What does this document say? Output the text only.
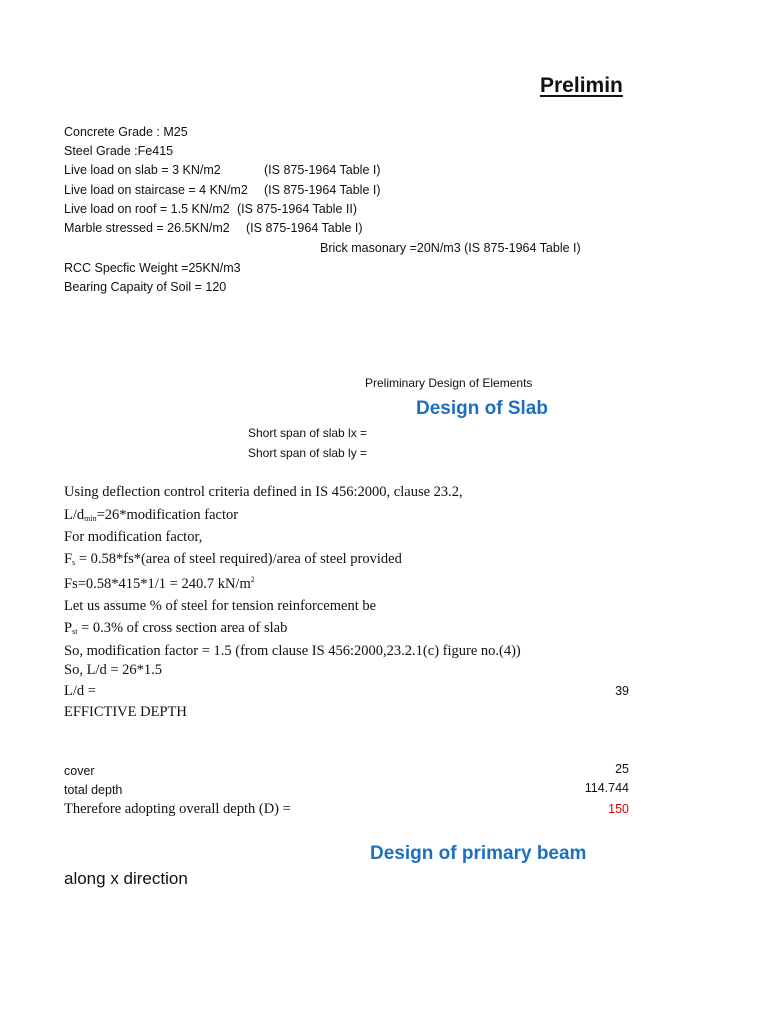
Prelimin
Concrete Grade : M25
Steel Grade :Fe415
Live load on slab = 3 KN/m2	(IS 875-1964 Table I)
Live load on staircase = 4 KN/m2 (IS 875-1964 Table I)
Live load on roof = 1.5 KN/m2 (IS 875-1964 Table II)
Marble stressed = 26.5KN/m2 (IS 875-1964 Table I)
Brick masonary =20N/m3 (IS 875-1964 Table I)
RCC Specfic Weight =25KN/m3
Bearing Capaity of Soil = 120
Preliminary Design of Elements
Design of Slab
Short span of slab lx =
Short span of slab ly =
Using deflection control criteria defined in IS 456:2000, clause 23.2,
$L/d_{min}=26*modification$ factor
For modification factor,
$F_s$ = 0.58*fs*(area of steel required)/area of steel provided
Fs=0.58*415*1/1 = 240.7 $kN/m^2$
Let us assume % of steel for tension reinforcement be
$P_{st} = 0.3\%$ of cross section area of slab
So, modification factor = 1.5 (from clause IS 456:2000,23.2.1(c) figure no.(4))
So, L/d = 26*1.5
L/d =	39
EFFICTIVE DEPTH
cover	25
total depth	114.744
Therefore adopting overall depth (D) =	150
Design of primary beam
along x direction
